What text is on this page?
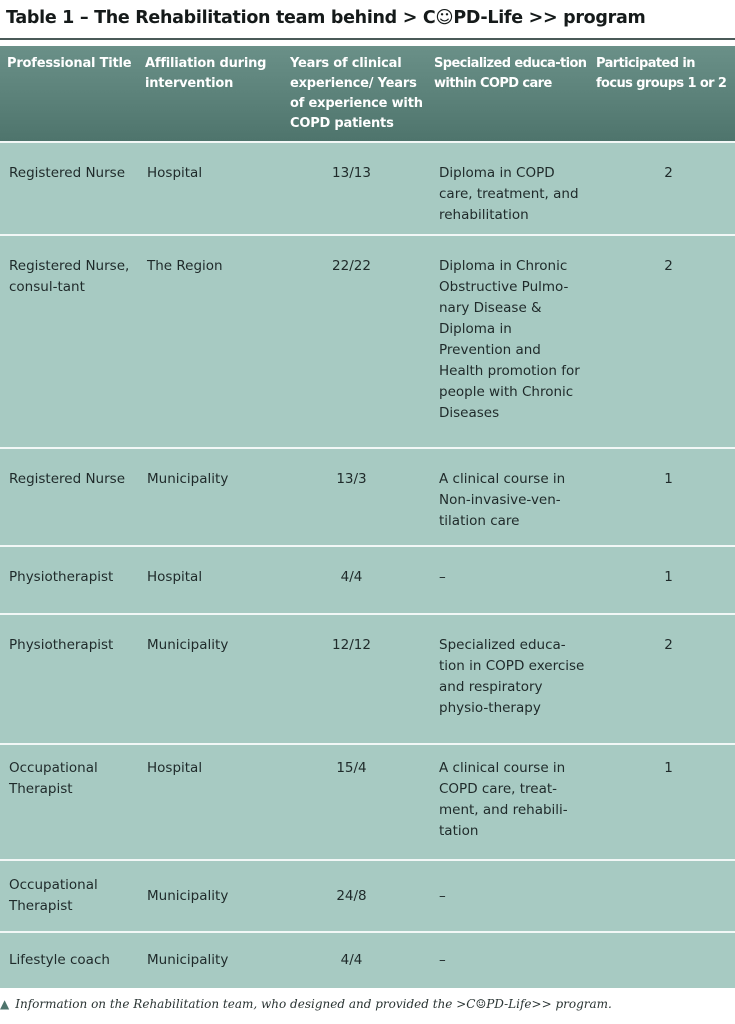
Table 1 – The Rehabilitation team behind > C☺PD-Life >> program
Professional Title	Affiliation during intervention	Years of clinical experience/ Years of experience with COPD patients	Specialized educa-tion within COPD care	Participated in focus groups 1 or 2
Registered Nurse	Hospital	13/13	Diploma in COPD care, treatment, and rehabilitation	2
Registered Nurse, consul-tant	The Region	22/22	Diploma in Chronic Obstructive Pulmo-nary Disease & Diploma in Prevention and Health promotion for people with Chronic Diseases	2
Registered Nurse	Municipality	13/3	A clinical course in Non-invasive-ven-tilation care	1
Physiotherapist	Hospital	4/4	–	1
Physiotherapist	Municipality	12/12	Specialized educa-tion in COPD exercise and respiratory physio-therapy	2
Occupational Therapist	Hospital	15/4	A clinical course in COPD care, treat-ment, and rehabili-tation	1
Occupational Therapist	Municipality	24/8	–	
Lifestyle coach	Municipality	4/4	–	
▲ Information on the Rehabilitation team, who designed and provided the >C☺PD-Life>> program.
